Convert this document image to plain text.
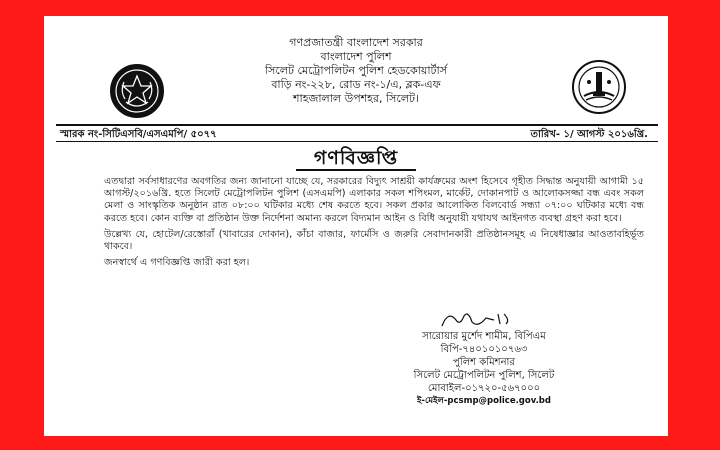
গণপ্রজাতন্ত্রী বাংলাদেশ সরকার
বাংলাদেশ পুলিশ
সিলেট মেট্রোপলিটন পুলিশ হেডকোয়ার্টার্স
বাড়ি নং-২২৮, রোড নং-১/এ, ব্লক-এফ
শাহজালাল উপশহর, সিলেট।
স্মারক নং-সিটিএসবি/এসএমপি/ ৫০৭৭	তারিখ- ১/ আগস্ট ২০১৬খ্রি.
গণবিজ্ঞপ্তি

এতদ্বারা সর্বসাধারণের অবগতির জন্য জানানো যাচ্ছে যে, সরকারের বিদ্যুৎ সাশ্রয়ী কার্যক্রমের অংশ হিসেবে গৃহীত সিদ্ধান্ত অনুযায়ী আগামী ১৫ আগস্ট/২০১৬খ্রি. হতে সিলেট মেট্রোপলিটন পুলিশ (এসএমপি) এলাকার সকল শপিংমল, মার্কেট, দোকানপাট ও আলোকসজ্জা বন্ধ এবং সকল মেলা ও সাংস্কৃতিক অনুষ্ঠান রাত ০৮:০০ ঘটিকার মধ্যে শেষ করতে হবে। সকল প্রকার আলোকিত বিলবোর্ড সন্ধ্যা ০৭:০০ ঘটিকার মধ্যে বন্ধ করতে হবে। কোন ব্যক্তি বা প্রতিষ্ঠান উক্ত নির্দেশনা অমান্য করলে বিদ্যমান আইন ও বিধি অনুযায়ী যথাযথ আইনগত ব্যবস্থা গ্রহণ করা হবে।

উল্লেখ্য যে, হোটেল/রেস্তোরাঁ (খাবারের দোকান), কাঁচা বাজার, ফার্মেসি ও জরুরি সেবাদানকারী প্রতিষ্ঠানসমূহ এ নিষেধাজ্ঞার আওতাবহির্ভূত থাকবে।

জনস্বার্থে এ গণবিজ্ঞপ্তি জারী করা হল।

সারোয়ার মুর্শেদ শামীম, বিপিএম
বিপি-৭৪০১০১০৭৬৩
পুলিশ কমিশনার
সিলেট মেট্রোপলিটন পুলিশ, সিলেট
মোবাইল-০১৭২০-৫৬৭০০০
ই-মেইল-pcsmp@police.gov.bd
